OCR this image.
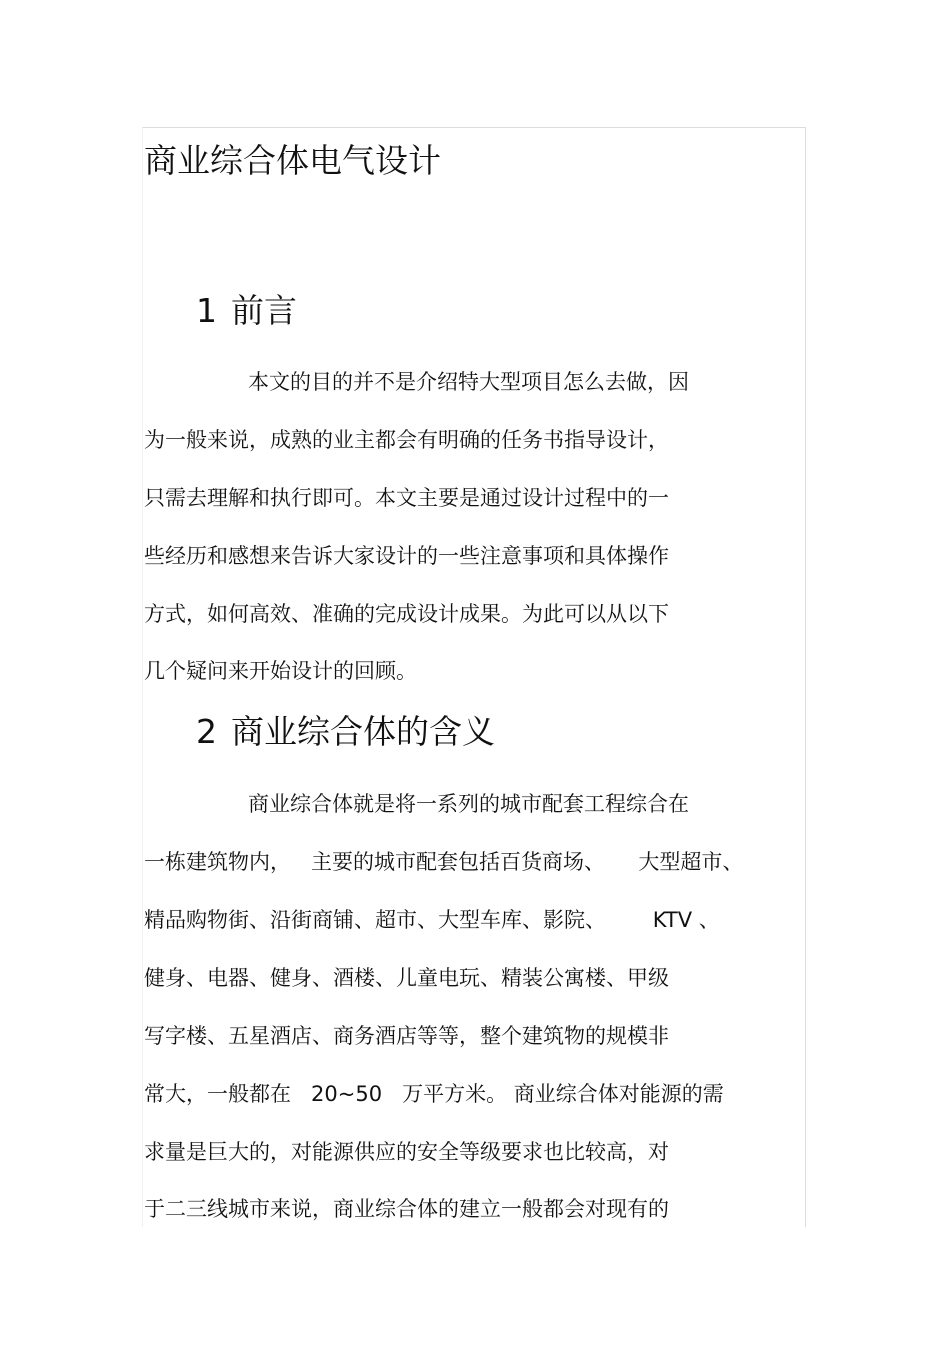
商业综合体电气设计
1 前言
本文的目的并不是介绍特大型项目怎么去做，因
为一般来说，成熟的业主都会有明确的任务书指导设计，
只需去理解和执行即可。本文主要是通过设计过程中的一
些经历和感想来告诉大家设计的一些注意事项和具体操作
方式，如何高效、准确的完成设计成果。为此可以从以下
几个疑问来开始设计的回顾。
2 商业综合体的含义
商业综合体就是将一系列的城市配套工程综合在
一栋建筑物内，   主要的城市配套包括百货商场、     大型超市、
精品购物街、沿街商铺、超市、大型车库、影院、       KTV 、
健身、电器、健身、酒楼、儿童电玩、精装公寓楼、甲级
写字楼、五星酒店、商务酒店等等，整个建筑物的规模非
常大，一般都在   20~50   万平方米。 商业综合体对能源的需
求量是巨大的，对能源供应的安全等级要求也比较高，对
于二三线城市来说，商业综合体的建立一般都会对现有的
